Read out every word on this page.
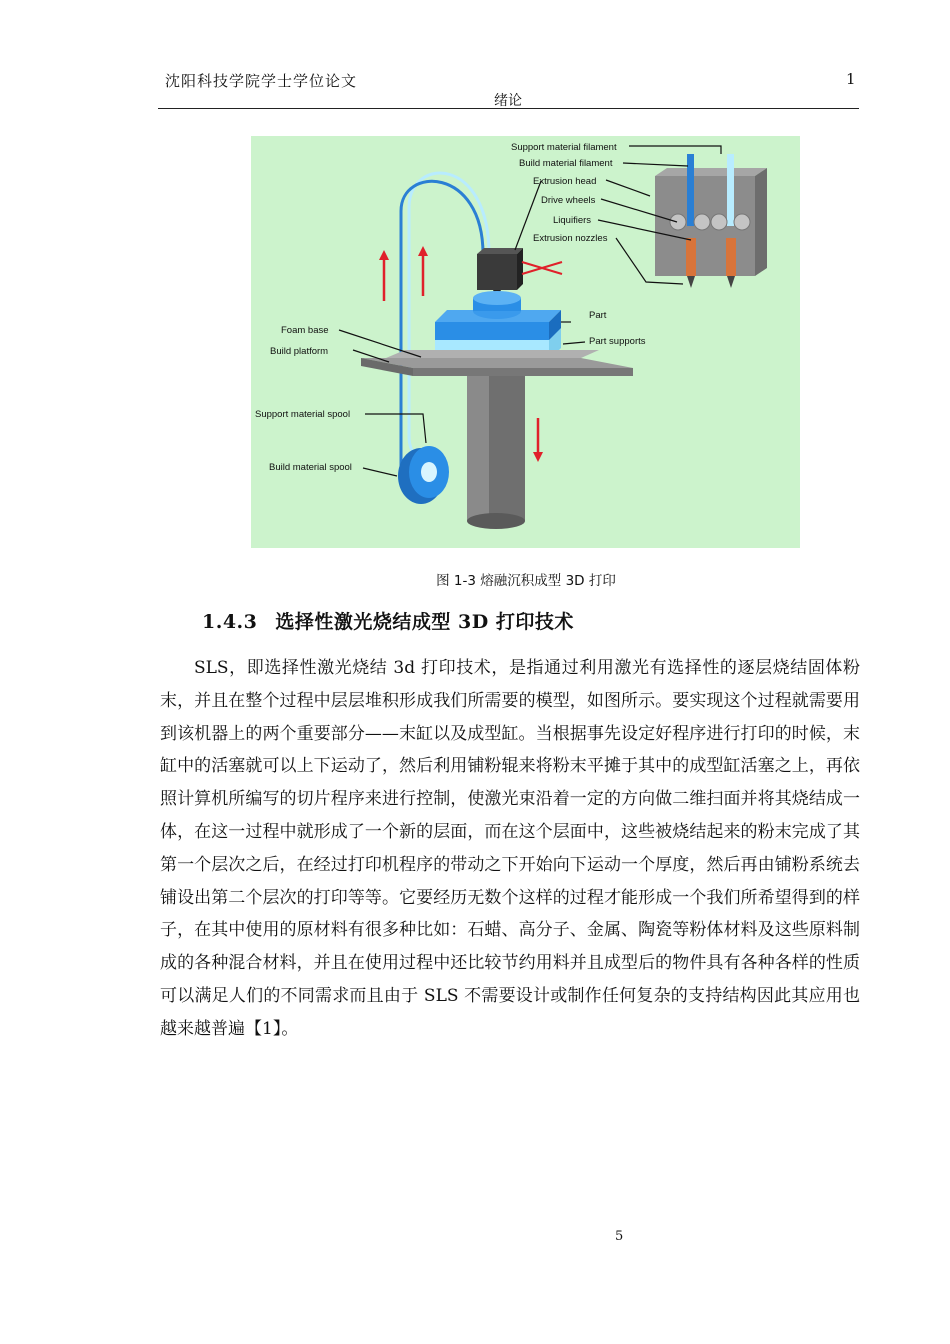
沈阳科技学院学士学位论文	1
绪论
Support material filament
Build material filament
Extrusion head
Drive wheels
Liquifiers
Extrusion nozzles
Part
Part supports
Foam base
Build platform
Support material spool
Build material spool
图 1-3 熔融沉积成型 3D 打印
1.4.3 选择性激光烧结成型 3D 打印技术

SLS，即选择性激光烧结 3d 打印技术，是指通过利用激光有选择性的逐层烧结固体粉末，并且在整个过程中层层堆积形成我们所需要的模型，如图所示。要实现这个过程就需要用到该机器上的两个重要部分——末缸以及成型缸。当根据事先设定好程序进行打印的时候，末缸中的活塞就可以上下运动了，然后利用铺粉辊来将粉末平摊于其中的成型缸活塞之上，再依照计算机所编写的切片程序来进行控制，使激光束沿着一定的方向做二维扫面并将其烧结成一体，在这一过程中就形成了一个新的层面，而在这个层面中，这些被烧结起来的粉末完成了其第一个层次之后，在经过打印机程序的带动之下开始向下运动一个厚度，然后再由铺粉系统去铺设出第二个层次的打印等等。它要经历无数个这样的过程才能形成一个我们所希望得到的样子，在其中使用的原材料有很多种比如：石蜡、高分子、金属、陶瓷等粉体材料及这些原料制成的各种混合材料，并且在使用过程中还比较节约用料并且成型后的物件具有各种各样的性质可以满足人们的不同需求而且由于 SLS 不需要设计或制作任何复杂的支持结构因此其应用也越来越普遍【1】。

5
